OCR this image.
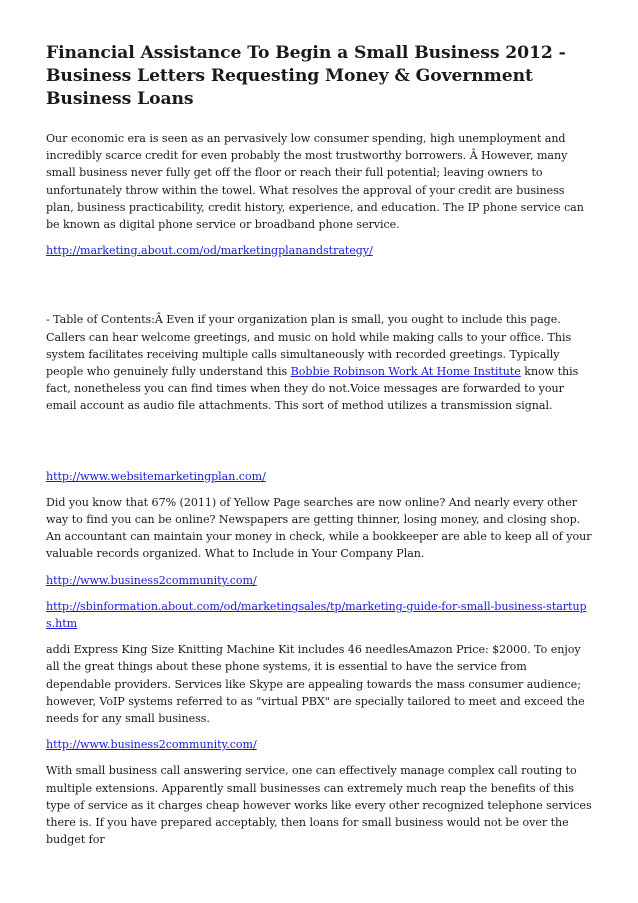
Financial Assistance To Begin a Small Business 2012 - Business Letters Requesting Money & Government Business Loans

Our economic era is seen as an pervasively low consumer spending, high unemployment and incredibly scarce credit for even probably the most trustworthy borrowers. Â However, many small business never fully get off the floor or reach their full potential; leaving owners to unfortunately throw within the towel. What resolves the approval of your credit are business plan, business practicability, credit history, experience, and education. The IP phone service can be known as digital phone service or broadband phone service.

http://marketing.about.com/od/marketingplanandstrategy/

- Table of Contents:Â Even if your organization plan is small, you ought to include this page. Callers can hear welcome greetings, and music on hold while making calls to your office. This system facilitates receiving multiple calls simultaneously with recorded greetings. Typically people who genuinely fully understand this Bobbie Robinson Work At Home Institute know this fact, nonetheless you can find times when they do not.Voice messages are forwarded to your email account as audio file attachments. This sort of method utilizes a transmission signal.

http://www.websitemarketingplan.com/

Did you know that 67% (2011) of Yellow Page searches are now online? And nearly every other way to find you can be online? Newspapers are getting thinner, losing money, and closing shop. An accountant can maintain your money in check, while a bookkeeper are able to keep all of your valuable records organized. What to Include in Your Company Plan.

http://www.business2community.com/

http://sbinformation.about.com/od/marketingsales/tp/marketing-guide-for-small-business-startups.htm

addi Express King Size Knitting Machine Kit includes 46 needlesAmazon Price: $2000. To enjoy all the great things about these phone systems, it is essential to have the service from dependable providers. Services like Skype are appealing towards the mass consumer audience; however, VoIP systems referred to as "virtual PBX" are specially tailored to meet and exceed the needs for any small business.

http://www.business2community.com/

With small business call answering service, one can effectively manage complex call routing to multiple extensions. Apparently small businesses can extremely much reap the benefits of this type of service as it charges cheap however works like every other recognized telephone services there is. If you have prepared acceptably, then loans for small business would not be over the budget for
